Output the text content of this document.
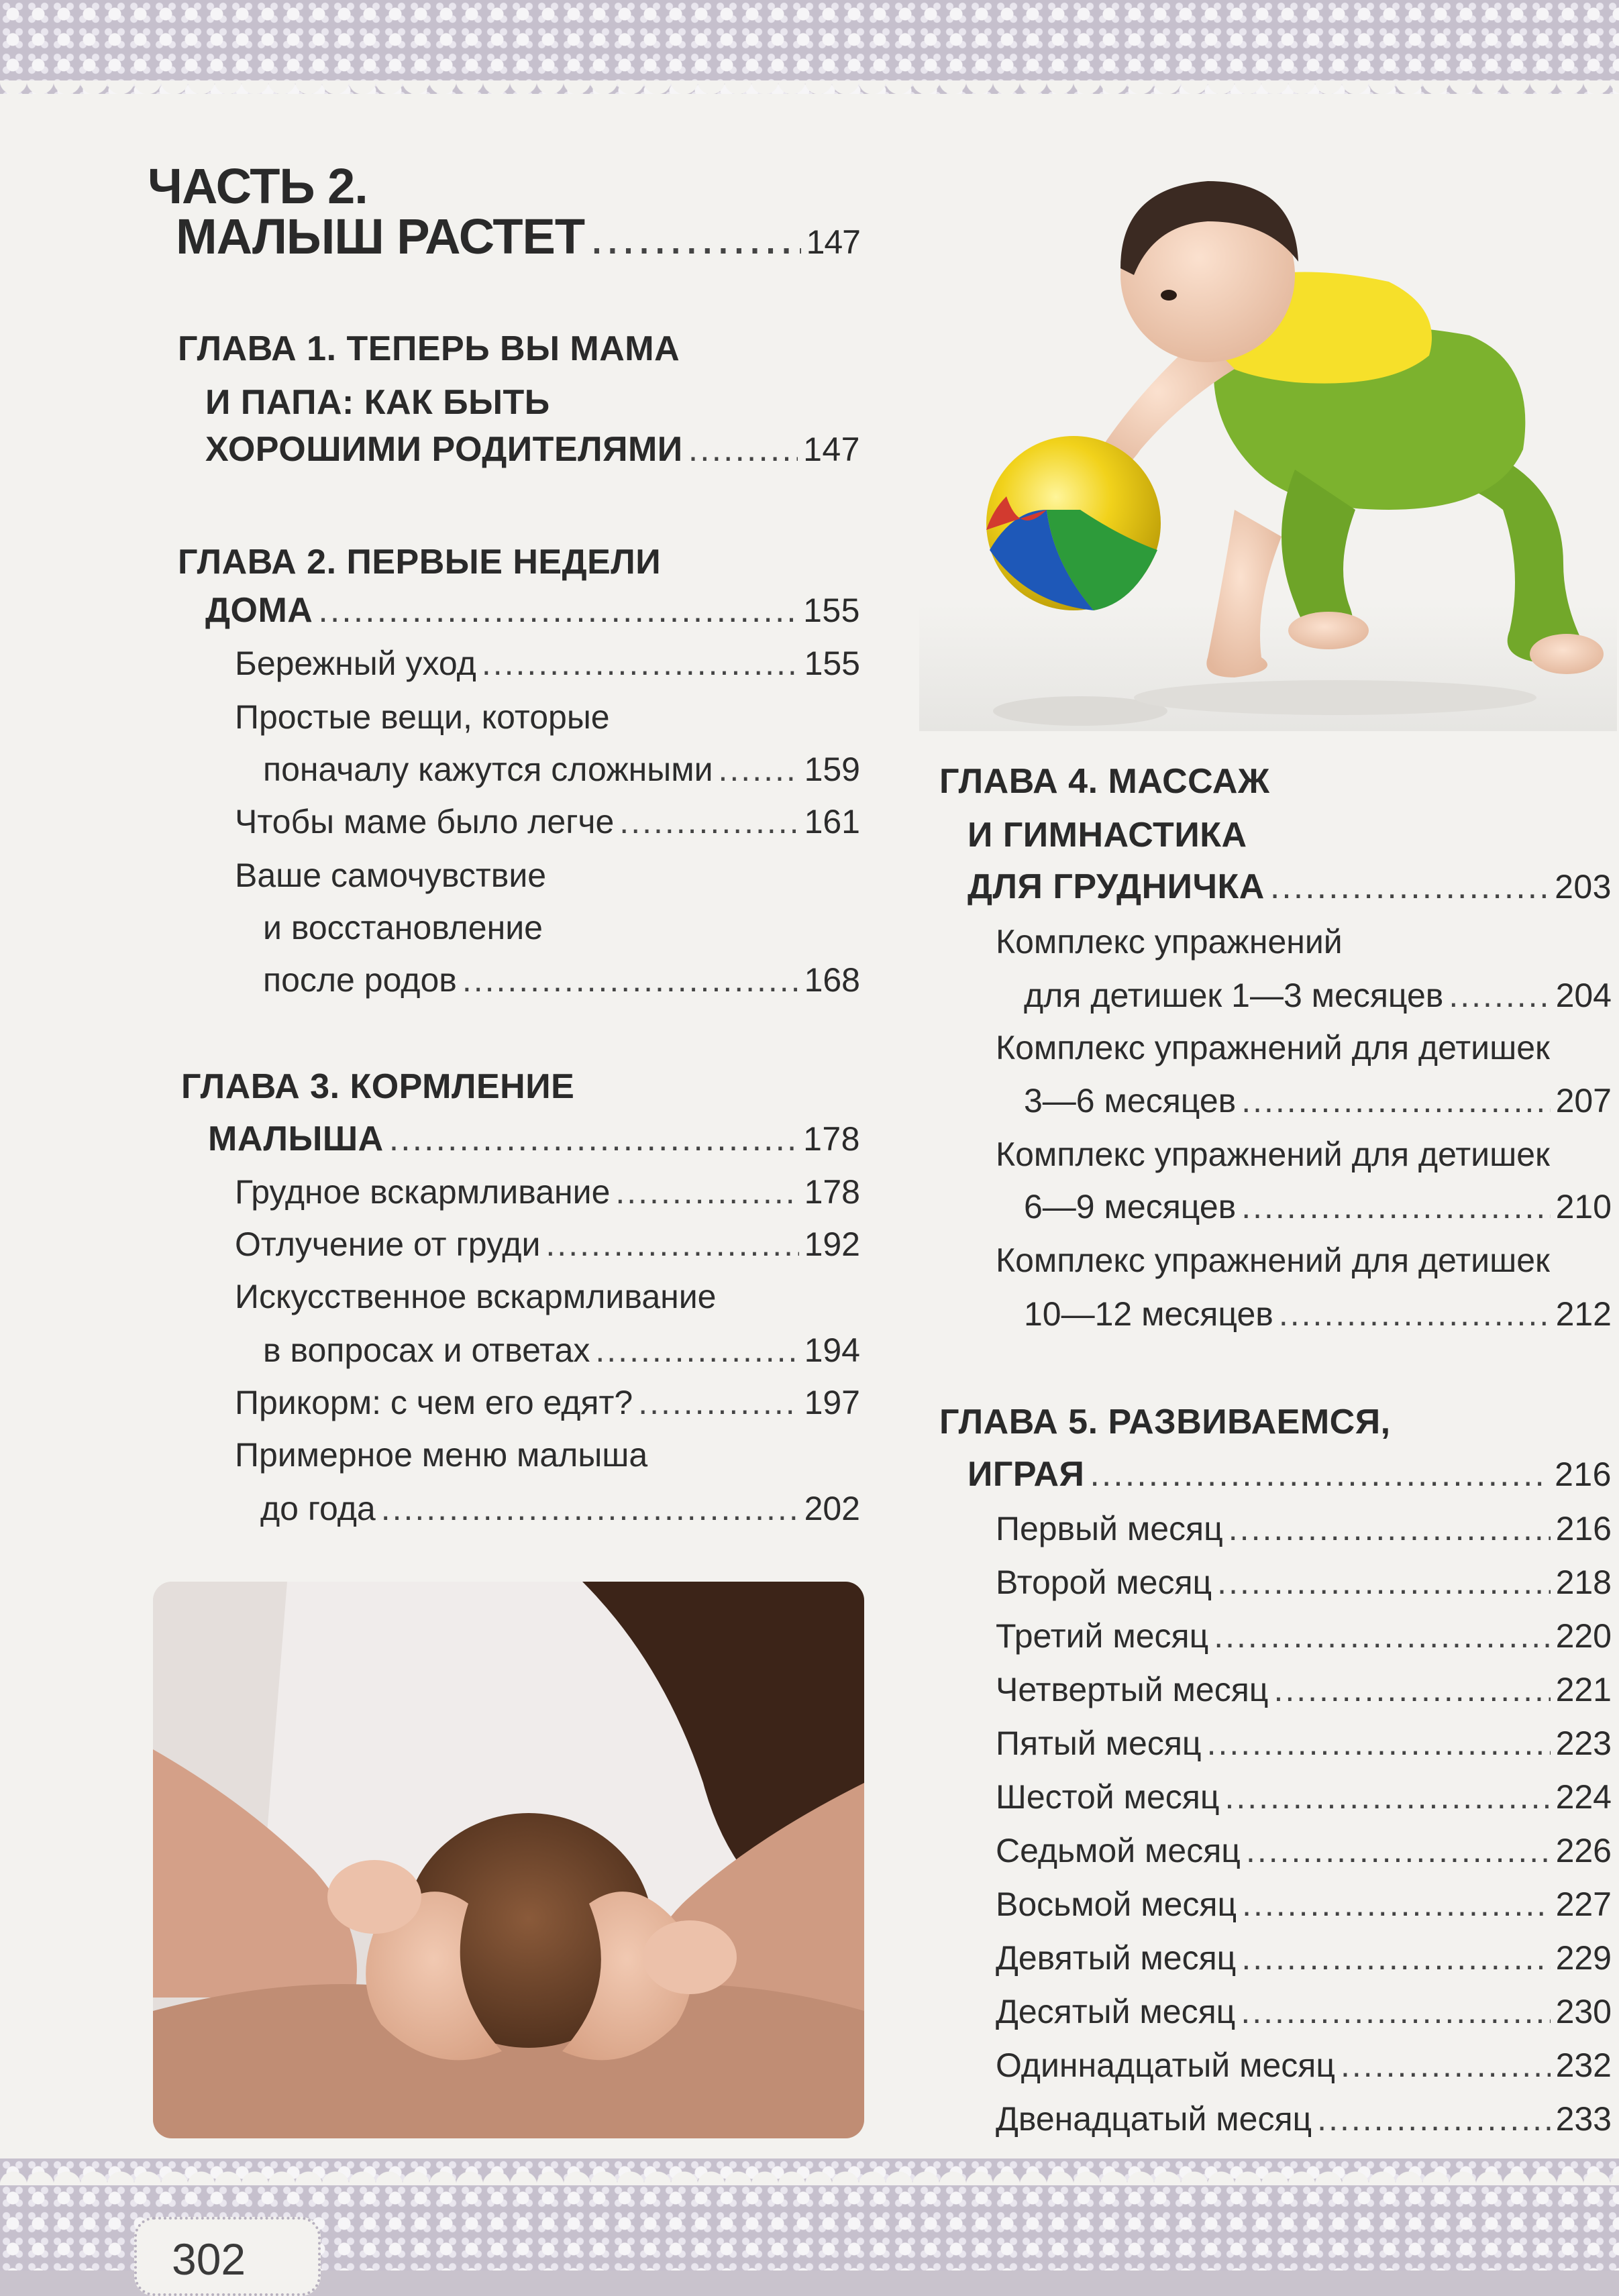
302
ЧАСТЬ 2.
МАЛЫШ РАСТЕТ .....	147
ГЛАВА 1. ТЕПЕРЬ ВЫ МАМА
И ПАПА: КАК БЫТЬ
ХОРОШИМИ РОДИТЕЛЯМИ .....	147
ГЛАВА 2. ПЕРВЫЕ НЕДЕЛИ
ДОМА .....	155
Бережный уход .....	155
Простые вещи, которые
поначалу кажутся сложными .....	159
Чтобы маме было легче .....	161
Ваше самочувствие
и восстановление
после родов .....	168
ГЛАВА 3. КОРМЛЕНИЕ
МАЛЫША .....	178
Грудное вскармливание .....	178
Отлучение от груди .....	192
Искусственное вскармливание
в вопросах и ответах .....	194
Прикорм: с чем его едят? .....	197
Примерное меню малыша
до года .....	202
ГЛАВА 4. МАССАЖ
И ГИМНАСТИКА
ДЛЯ ГРУДНИЧКА .....	203
Комплекс упражнений
для детишек 1—3 месяцев .....	204
Комплекс упражнений для детишек
3—6 месяцев .....	207
Комплекс упражнений для детишек
6—9 месяцев .....	210
Комплекс упражнений для детишек
10—12 месяцев .....	212
ГЛАВА 5. РАЗВИВАЕМСЯ,
ИГРАЯ .....	216
Первый месяц .....	216
Второй месяц .....	218
Третий месяц .....	220
Четвертый месяц .....	221
Пятый месяц .....	223
Шестой месяц .....	224
Седьмой месяц .....	226
Восьмой месяц .....	227
Девятый месяц .....	229
Десятый месяц .....	230
Одиннадцатый месяц .....	232
Двенадцатый месяц .....	233
